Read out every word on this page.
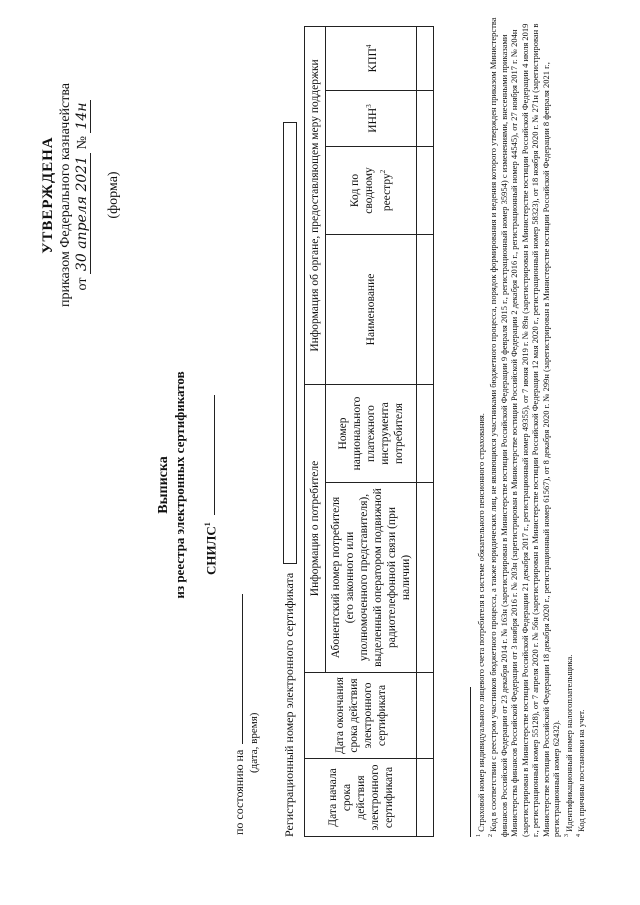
УТВЕРЖДЕНА приказом Федерального казначейства от 30 апреля 2021 № 14н
(форма)
Выписка из реестра электронных сертификатов СНИЛС$^1$
по состоянию на
(дата, время) Регистрационный номер электронного сертификата	Дата начала срока действия электронного сертификата	Дата окончания срока действия электронного сертификата	Информация о потребителе		Информация об органе, предоставляющем меру поддержки			
		Абонентский номер потребителя (его законного или уполномоченного представителя), выделенный оператором подвижной радиотелефонной связи (при наличии)	Номер национального платежного инструмента потребителя	Наименование	Код по сводному реестру$^2$	ИНН$^3$	КПП$^4$

$^1$ Страховой номер индивидуального лицевого счета потребителя в системе обязательного пенсионного страхования.

$^2$ Код в соответствии с реестром участников бюджетного процесса, а также юридических лиц, не являющихся участниками бюджетного процесса, порядок формирования и ведения которого утвержден приказом Министерства финансов Российской Федерации от 23 декабря 2014 г. № 163н (зарегистрирован в Министерстве юстиции Российской Федерации 9 февраля 2015 г., регистрационный номер 35954) с изменениями, внесенными приказами Министерства финансов Российской Федерации от 3 ноября 2016 г. № 203н (зарегистрирован в Министерстве юстиции Российской Федерации 2 декабря 2016 г., регистрационный номер 44545), от 27 ноября 2017 г. № 204н (зарегистрирован в Министерстве юстиции Российской Федерации 21 декабря 2017 г., регистрационный номер 49355), от 7 июня 2019 г. № 89н (зарегистрирован в Министерстве юстиции Российской Федерации 4 июля 2019 г., регистрационный номер 55128), от 7 апреля 2020 г. № 56н (зарегистрирован в Министерстве юстиции Российской Федерации 12 мая 2020 г., регистрационный номер 58323), от 18 ноября 2020 г. № 271н (зарегистрирован в Министерстве юстиции Российской Федерации 18 декабря 2020 г., регистрационный номер 61567), от 8 декабря 2020 г. № 299н (зарегистрирован в Министерстве юстиции Российской Федерации 8 февраля 2021 г., регистрационный номер 62432). $^3$ Идентификационный номер налогоплательщика.

$^4$ Код причины постановки на учет.
